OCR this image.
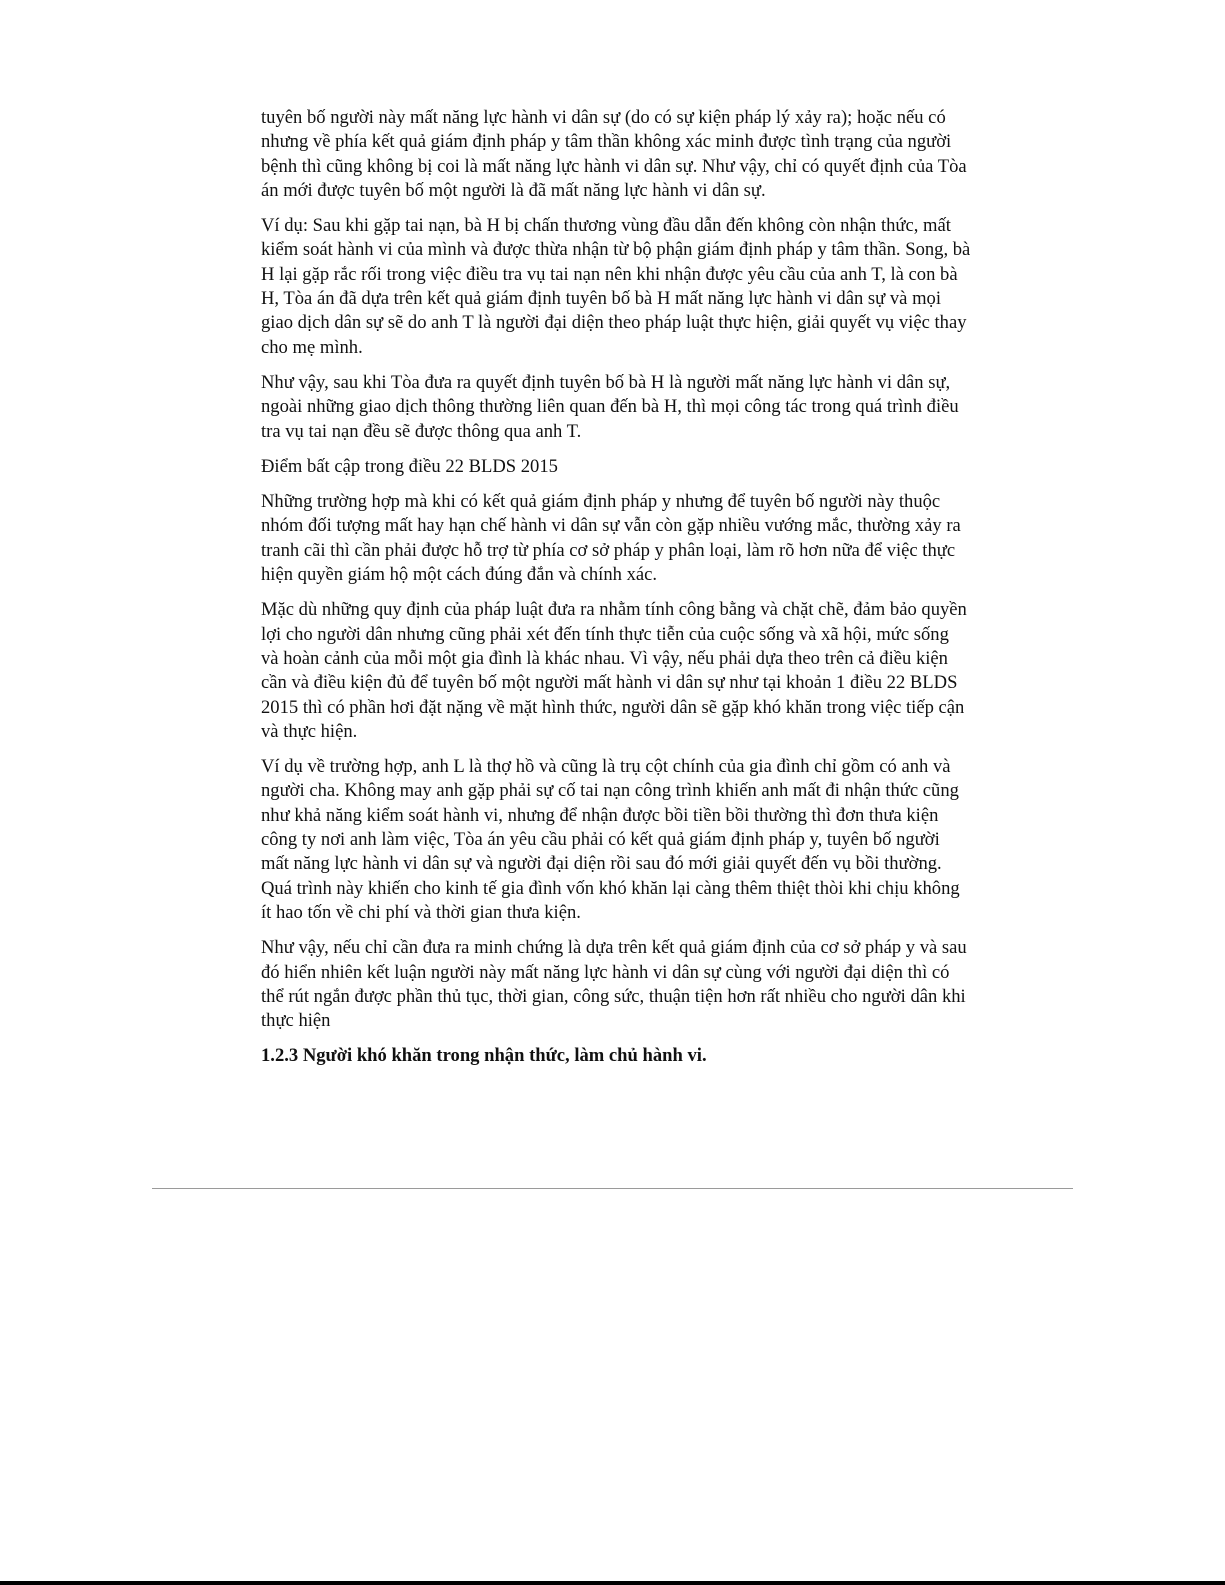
tuyên bố người này mất năng lực hành vi dân sự (do có sự kiện pháp lý xảy ra); hoặc nếu có nhưng về phía kết quả giám định pháp y tâm thần không xác minh được tình trạng của người bệnh thì cũng không bị coi là mất năng lực hành vi dân sự. Như vậy, chỉ có quyết định của Tòa án mới được tuyên bố một người là đã mất năng lực hành vi dân sự.

Ví dụ: Sau khi gặp tai nạn, bà H bị chấn thương vùng đầu dẫn đến không còn nhận thức, mất kiểm soát hành vi của mình và được thừa nhận từ bộ phận giám định pháp y tâm thần. Song, bà H lại gặp rắc rối trong việc điều tra vụ tai nạn nên khi nhận được yêu cầu của anh T, là con bà H, Tòa án đã dựa trên kết quả giám định tuyên bố bà H mất năng lực hành vi dân sự và mọi giao dịch dân sự sẽ do anh T là người đại diện theo pháp luật thực hiện, giải quyết vụ việc thay cho mẹ mình.

Như vậy, sau khi Tòa đưa ra quyết định tuyên bố bà H là người mất năng lực hành vi dân sự, ngoài những giao dịch thông thường liên quan đến bà H, thì mọi công tác trong quá trình điều tra vụ tai nạn đều sẽ được thông qua anh T.

Điểm bất cập trong điều 22 BLDS 2015

Những trường hợp mà khi có kết quả giám định pháp y nhưng để tuyên bố người này thuộc nhóm đối tượng mất hay hạn chế hành vi dân sự vẫn còn gặp nhiều vướng mắc, thường xảy ra tranh cãi thì cần phải được hỗ trợ từ phía cơ sở pháp y phân loại, làm rõ hơn nữa để việc thực hiện quyền giám hộ một cách đúng đắn và chính xác.

Mặc dù những quy định của pháp luật đưa ra nhằm tính công bằng và chặt chẽ, đảm bảo quyền lợi cho người dân nhưng cũng phải xét đến tính thực tiễn của cuộc sống và xã hội, mức sống và hoàn cảnh của mỗi một gia đình là khác nhau. Vì vậy, nếu phải dựa theo trên cả điều kiện cần và điều kiện đủ để tuyên bố một người mất hành vi dân sự như tại khoản 1 điều 22 BLDS 2015 thì có phần hơi đặt nặng về mặt hình thức, người dân sẽ gặp khó khăn trong việc tiếp cận và thực hiện.

Ví dụ về trường hợp, anh L là thợ hồ và cũng là trụ cột chính của gia đình chỉ gồm có anh và người cha. Không may anh gặp phải sự cố tai nạn công trình khiến anh mất đi nhận thức cũng như khả năng kiểm soát hành vi, nhưng để nhận được bồi tiền bồi thường thì đơn thưa kiện công ty nơi anh làm việc, Tòa án yêu cầu phải có kết quả giám định pháp y, tuyên bố người mất năng lực hành vi dân sự và người đại diện rồi sau đó mới giải quyết đến vụ bồi thường. Quá trình này khiến cho kinh tế gia đình vốn khó khăn lại càng thêm thiệt thòi khi chịu không ít hao tốn về chi phí và thời gian thưa kiện.

Như vậy, nếu chỉ cần đưa ra minh chứng là dựa trên kết quả giám định của cơ sở pháp y và sau đó hiển nhiên kết luận người này mất năng lực hành vi dân sự cùng với người đại diện thì có thể rút ngắn được phần thủ tục, thời gian, công sức, thuận tiện hơn rất nhiều cho người dân khi thực hiện

1.2.3 Người khó khăn trong nhận thức, làm chủ hành vi.
